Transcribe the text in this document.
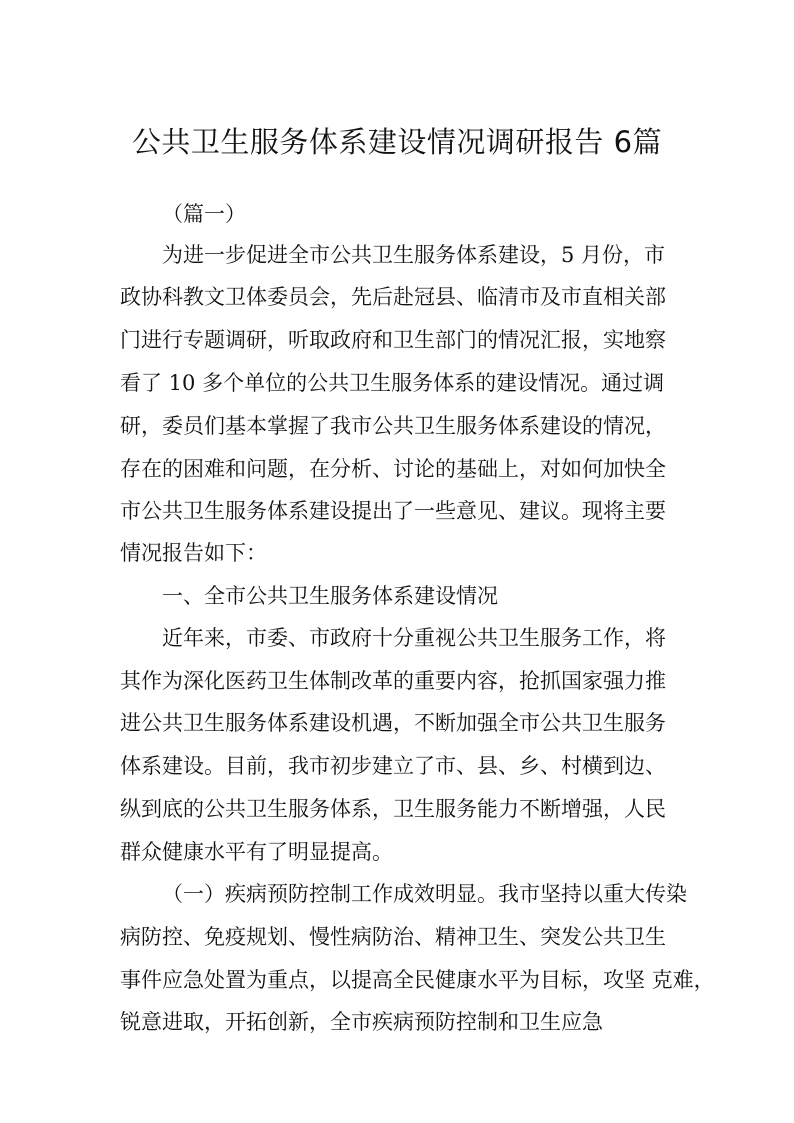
公共卫生服务体系建设情况调研报告 6篇
（篇一）
为进一步促进全市公共卫生服务体系建设，5 月份，市
政协科教文卫体委员会，先后赴冠县、临清市及市直相关部
门进行专题调研，听取政府和卫生部门的情况汇报，实地察
看了 10 多个单位的公共卫生服务体系的建设情况。通过调
研，委员们基本掌握了我市公共卫生服务体系建设的情况，
存在的困难和问题，在分析、讨论的基础上，对如何加快全
市公共卫生服务体系建设提出了一些意见、建议。现将主要
情况报告如下：
一、全市公共卫生服务体系建设情况
近年来，市委、市政府十分重视公共卫生服务工作，将
其作为深化医药卫生体制改革的重要内容，抢抓国家强力推
进公共卫生服务体系建设机遇，不断加强全市公共卫生服务
体系建设。目前，我市初步建立了市、县、乡、村横到边、
纵到底的公共卫生服务体系，卫生服务能力不断增强，人民
群众健康水平有了明显提高。
（一）疾病预防控制工作成效明显。我市坚持以重大传染
病防控、免疫规划、慢性病防治、精神卫生、突发公共卫生
事件应急处置为重点，以提高全民健康水平为目标，攻坚 克难，
锐意进取，开拓创新，全市疾病预防控制和卫生应急
